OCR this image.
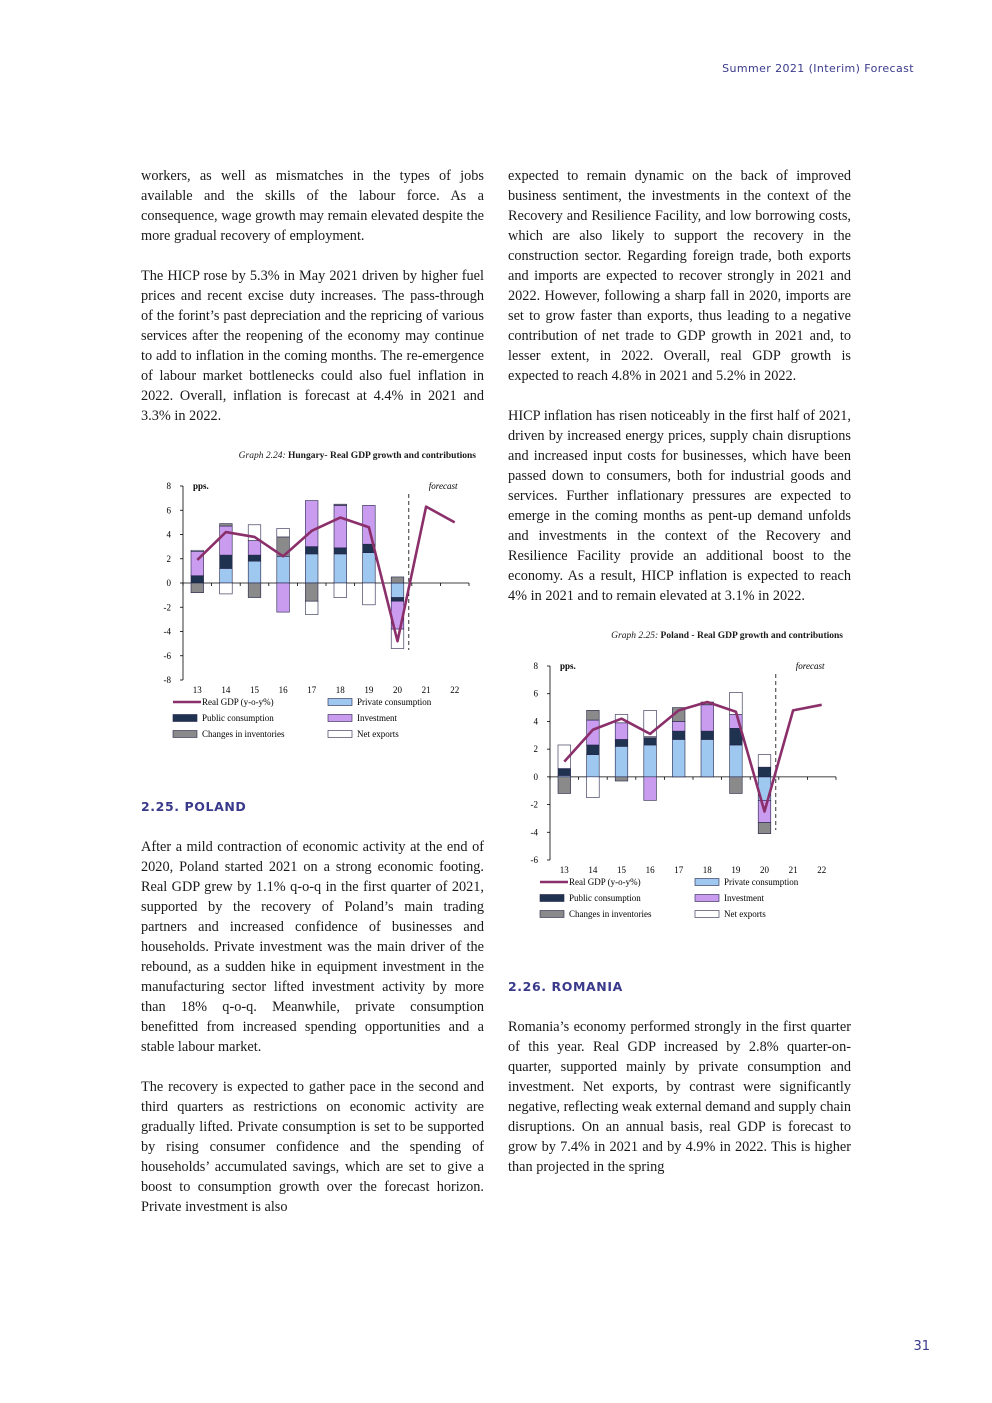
Summer 2021 (Interim) Forecast

workers, as well as mismatches in the types of jobs available and the skills of the labour force. As a consequence, wage growth may remain elevated despite the more gradual recovery of employment.

The HICP rose by 5.3% in May 2021 driven by higher fuel prices and recent excise duty increases. The pass-through of the forint’s past depreciation and the repricing of various services after the reopening of the economy may continue to add to inflation in the coming months. The re-emergence of labour market bottlenecks could also fuel inflation in 2022. Overall, inflation is forecast at 4.4% in 2021 and 3.3% in 2022.

Graph 2.24: Hungary- Real GDP growth and contributions
8
6
4
2
0
-2
-4
-6
-8
13 14 15 16 17 18 19 20 21 22
pps.	forecast
Real GDP (y-o-y%)	Private consumption
Public consumption	Investment
Changes in inventories	Net exports
2.25. POLAND

After a mild contraction of economic activity at the end of 2020, Poland started 2021 on a strong economic footing. Real GDP grew by 1.1% q-o-q in the first quarter of 2021, supported by the recovery of Poland’s main trading partners and increased confidence of businesses and households. Private investment was the main driver of the rebound, as a sudden hike in equipment investment in the manufacturing sector lifted investment activity by more than 18% q-o-q. Meanwhile, private consumption benefitted from increased spending opportunities and a stable labour market.

The recovery is expected to gather pace in the second and third quarters as restrictions on economic activity are gradually lifted. Private consumption is set to be supported by rising consumer confidence and the spending of households’ accumulated savings, which are set to give a boost to consumption growth over the forecast horizon. Private investment is also

expected to remain dynamic on the back of improved business sentiment, the investments in the context of the Recovery and Resilience Facility, and low borrowing costs, which are also likely to support the recovery in the construction sector. Regarding foreign trade, both exports and imports are expected to recover strongly in 2021 and 2022. However, following a sharp fall in 2020, imports are set to grow faster than exports, thus leading to a negative contribution of net trade to GDP growth in 2021 and, to lesser extent, in 2022. Overall, real GDP growth is expected to reach 4.8% in 2021 and 5.2% in 2022.

HICP inflation has risen noticeably in the first half of 2021, driven by increased energy prices, supply chain disruptions and increased input costs for businesses, which have been passed down to consumers, both for industrial goods and services. Further inflationary pressures are expected to emerge in the coming months as pent-up demand unfolds and investments in the context of the Recovery and Resilience Facility provide an additional boost to the economy. As a result, HICP inflation is expected to reach 4% in 2021 and to remain elevated at 3.1% in 2022.

Graph 2.25: Poland - Real GDP growth and contributions
8
6
4
2
0
-2
-4
-6
13 14 15 16 17 18 19 20 21 22
pps.	forecast
Real GDP (y-o-y%)	Private consumption
Public consumption	Investment
Changes in inventories	Net exports
2.26. ROMANIA

Romania’s economy performed strongly in the first quarter of this year. Real GDP increased by 2.8% quarter-on-quarter, supported mainly by private consumption and investment. Net exports, by contrast were significantly negative, reflecting weak external demand and supply chain disruptions. On an annual basis, real GDP is forecast to grow by 7.4% in 2021 and by 4.9% in 2022. This is higher than projected in the spring

31
